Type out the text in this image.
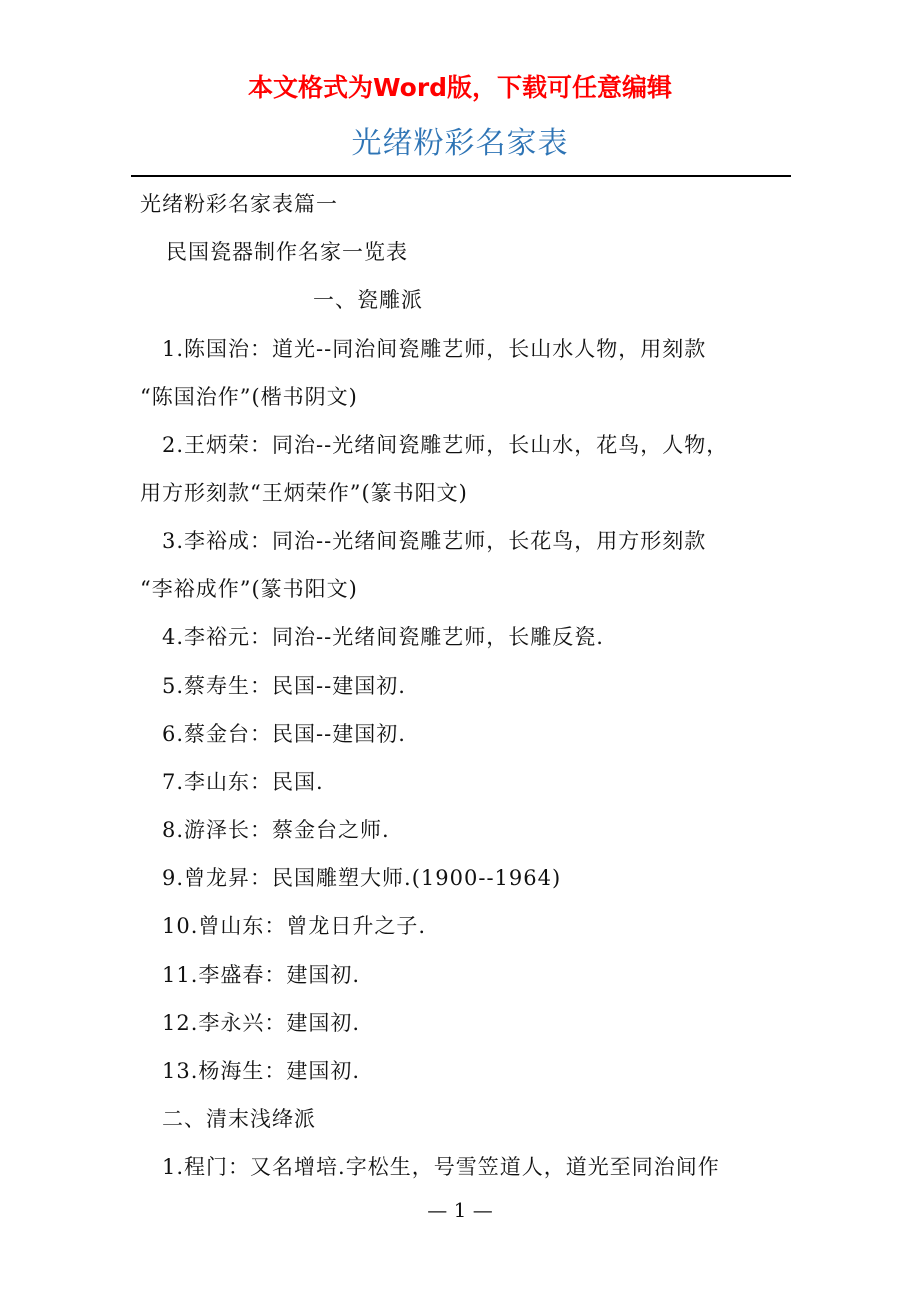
本文格式为Word版，下载可任意编辑
光绪粉彩名家表
光绪粉彩名家表篇一
民国瓷器制作名家一览表
一、瓷雕派
1.陈国治：道光--同治间瓷雕艺师，长山水人物，用刻款
“陈国治作”(楷书阴文)
2.王炳荣：同治--光绪间瓷雕艺师，长山水，花鸟，人物，
用方形刻款“王炳荣作”(篆书阳文)
3.李裕成：同治--光绪间瓷雕艺师，长花鸟，用方形刻款
“李裕成作”(篆书阳文)
4.李裕元：同治--光绪间瓷雕艺师，长雕反瓷.
5.蔡寿生：民国--建国初.
6.蔡金台：民国--建国初.
7.李山东：民国.
8.游泽长：蔡金台之师.
9.曾龙昇：民国雕塑大师.(1900--1964)
10.曾山东：曾龙日升之子.
11.李盛春：建国初.
12.李永兴：建国初.
13.杨海生：建国初.
二、清末浅绛派
1.程门：又名增培.字松生，号雪笠道人，道光至同治间作
— 1 —
